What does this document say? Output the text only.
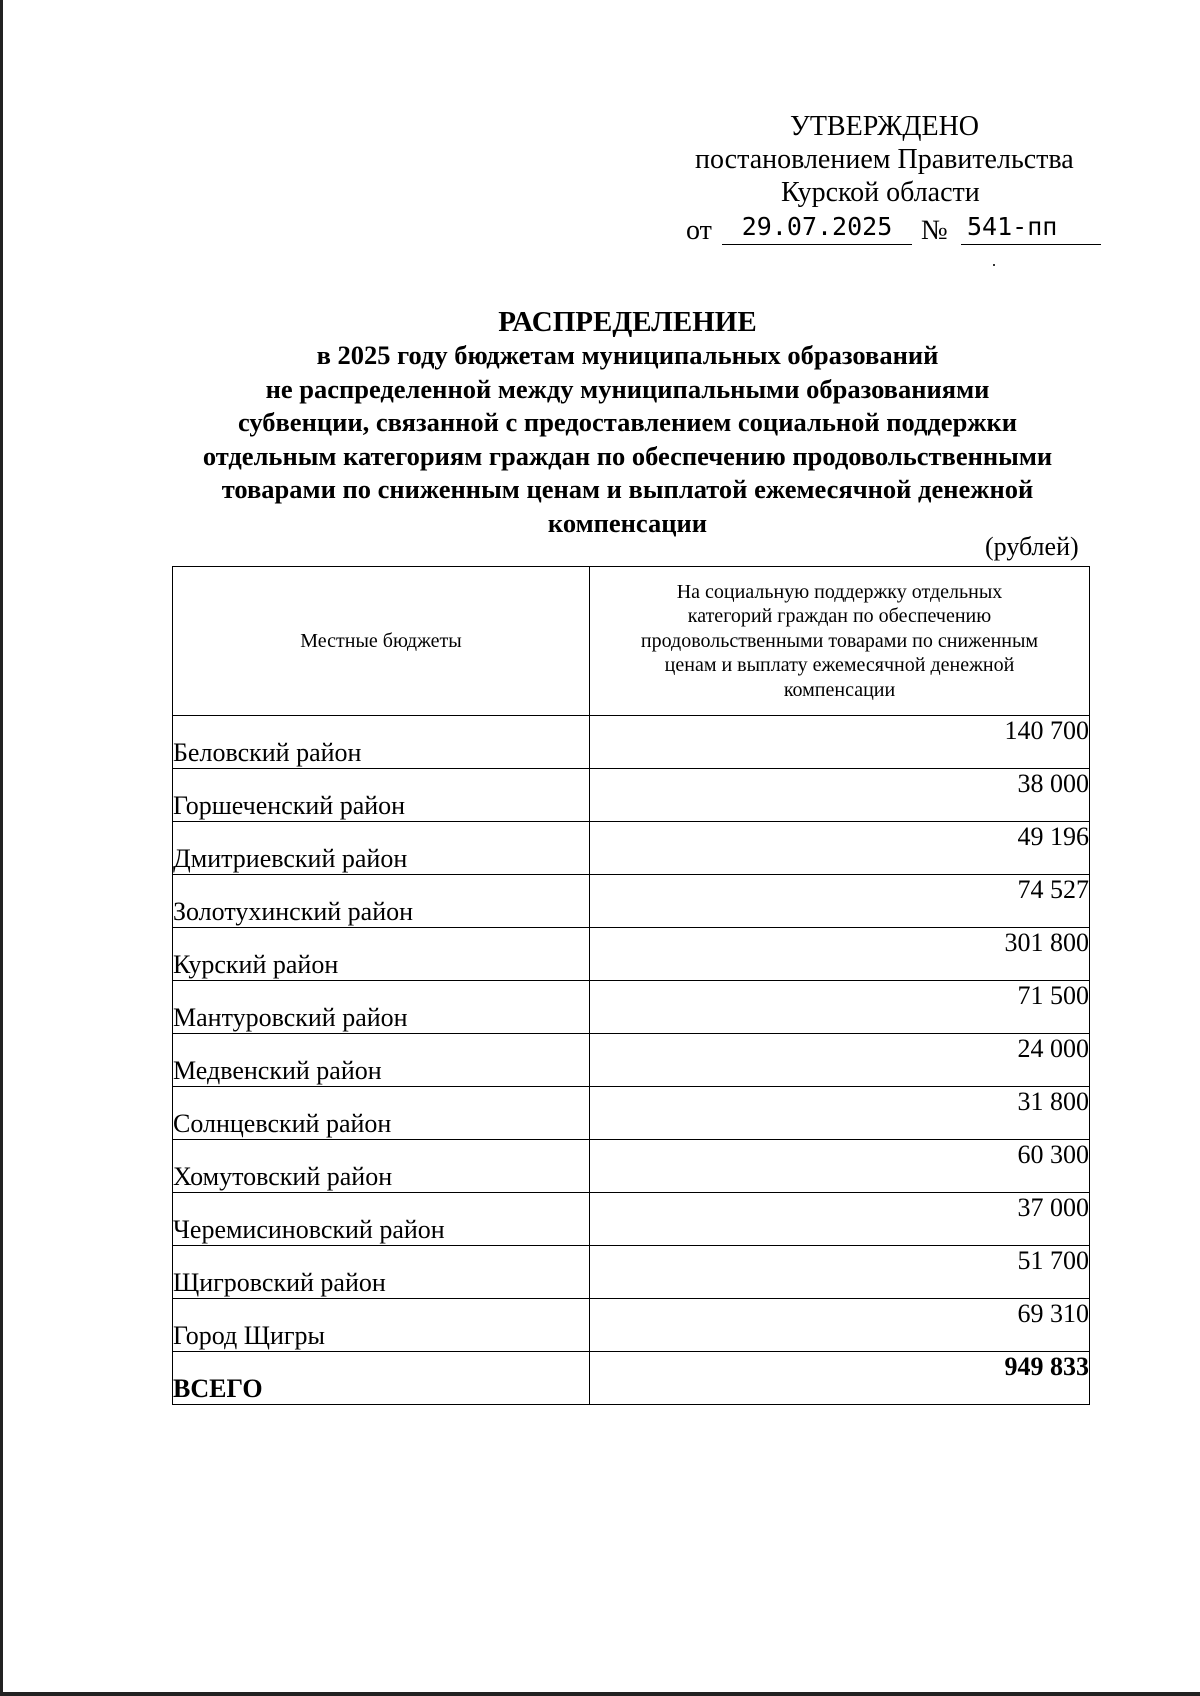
УТВЕРЖДЕНО
постановлением Правительства
Курской области
от	29.07.2025	№ 541-пп
РАСПРЕДЕЛЕНИЕ
в 2025 году бюджетам муниципальных образований
не распределенной между муниципальными образованиями
субвенции, связанной с предоставлением социальной поддержки
отдельным категориям граждан по обеспечению продовольственными
товарами по сниженным ценам и выплатой ежемесячной денежной
компенсации
(рублей)
Местные бюджеты	На социальную поддержку отдельных
категорий граждан по обеспечению
продовольственными товарами по сниженным
ценам и выплату ежемесячной денежной
компенсации

Беловский район	140 700
Горшеченский район	38 000
Дмитриевский район	49 196
Золотухинский район	74 527
Курский район	301 800
Мантуровский район	71 500
Медвенский район	24 000
Солнцевский район	31 800
Хомутовский район	60 300
Черемисиновский район	37 000
Щигровский район	51 700
Город Щигры	69 310
ВСЕГО	949 833
